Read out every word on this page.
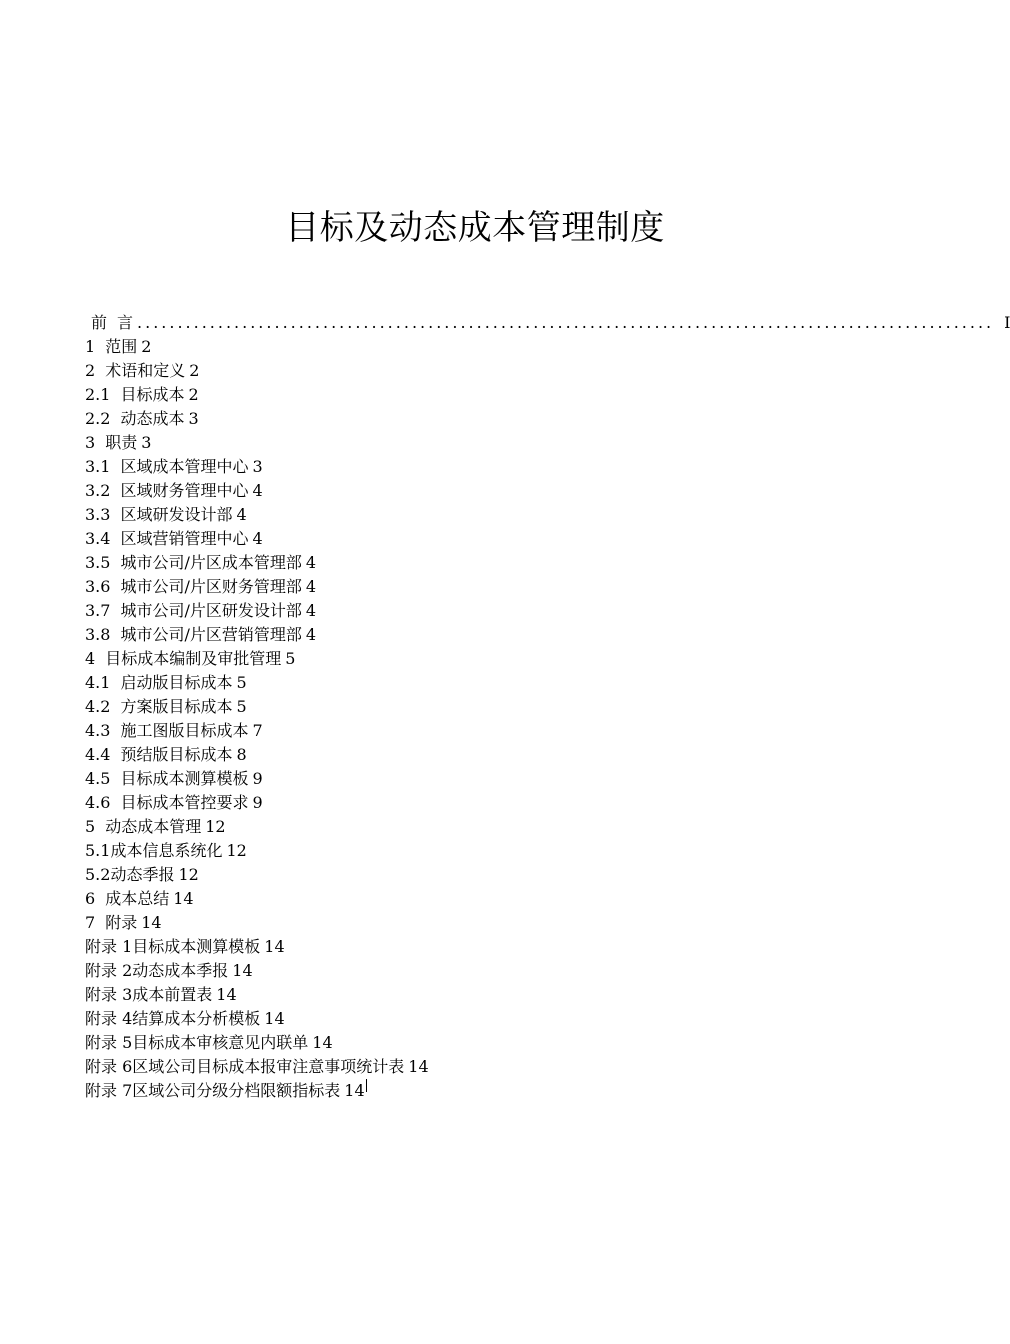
目标及动态成本管理制度
前言
.......................................................................................................... I
1 范围 2
2 术语和定义 2
2.1 目标成本 2
2.2 动态成本 3
3 职责 3
3.1 区域成本管理中心 3
3.2 区域财务管理中心 4
3.3 区域研发设计部 4
3.4 区域营销管理中心 4
3.5 城市公司/片区成本管理部 4
3.6 城市公司/片区财务管理部 4
3.7 城市公司/片区研发设计部 4
3.8 城市公司/片区营销管理部 4
4 目标成本编制及审批管理 5
4.1 启动版目标成本 5
4.2 方案版目标成本 5
4.3 施工图版目标成本 7
4.4 预结版目标成本 8
4.5 目标成本测算模板 9
4.6 目标成本管控要求 9
5 动态成本管理 12
5.1 成本信息系统化 12
5.2 动态季报 12
6 成本总结 14
7 附录 14
附录 1 目标成本测算模板 14
附录 2 动态成本季报 14
附录 3 成本前置表 14
附录 4 结算成本分析模板 14
附录 5 目标成本审核意见内联单 14
附录 6 区域公司目标成本报审注意事项统计表 14
附录 7 区域公司分级分档限额指标表 14
